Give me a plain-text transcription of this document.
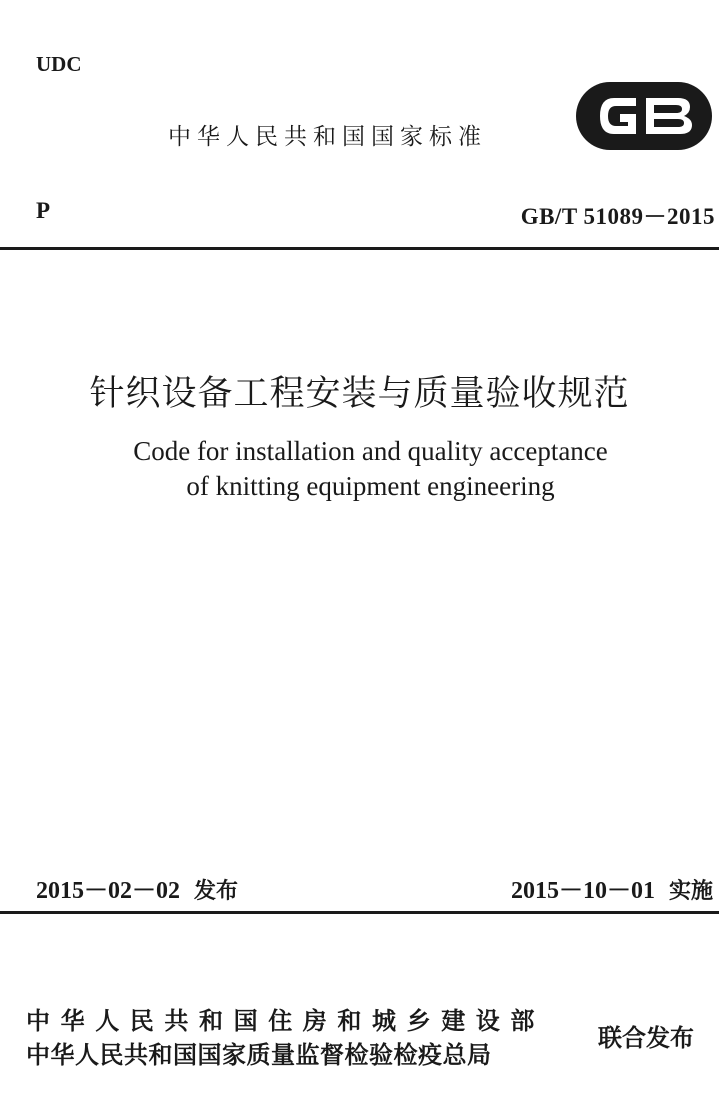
UDC
中华人民共和国国家标准
P	GB/T 51089－2015
针织设备工程安装与质量验收规范
Code for installation and quality acceptance
of knitting equipment engineering
2015－02－02 发布	2015－10－01 实施
中华人民共和国住房和城乡建设部
中华人民共和国国家质量监督检验检疫总局
联合发布
